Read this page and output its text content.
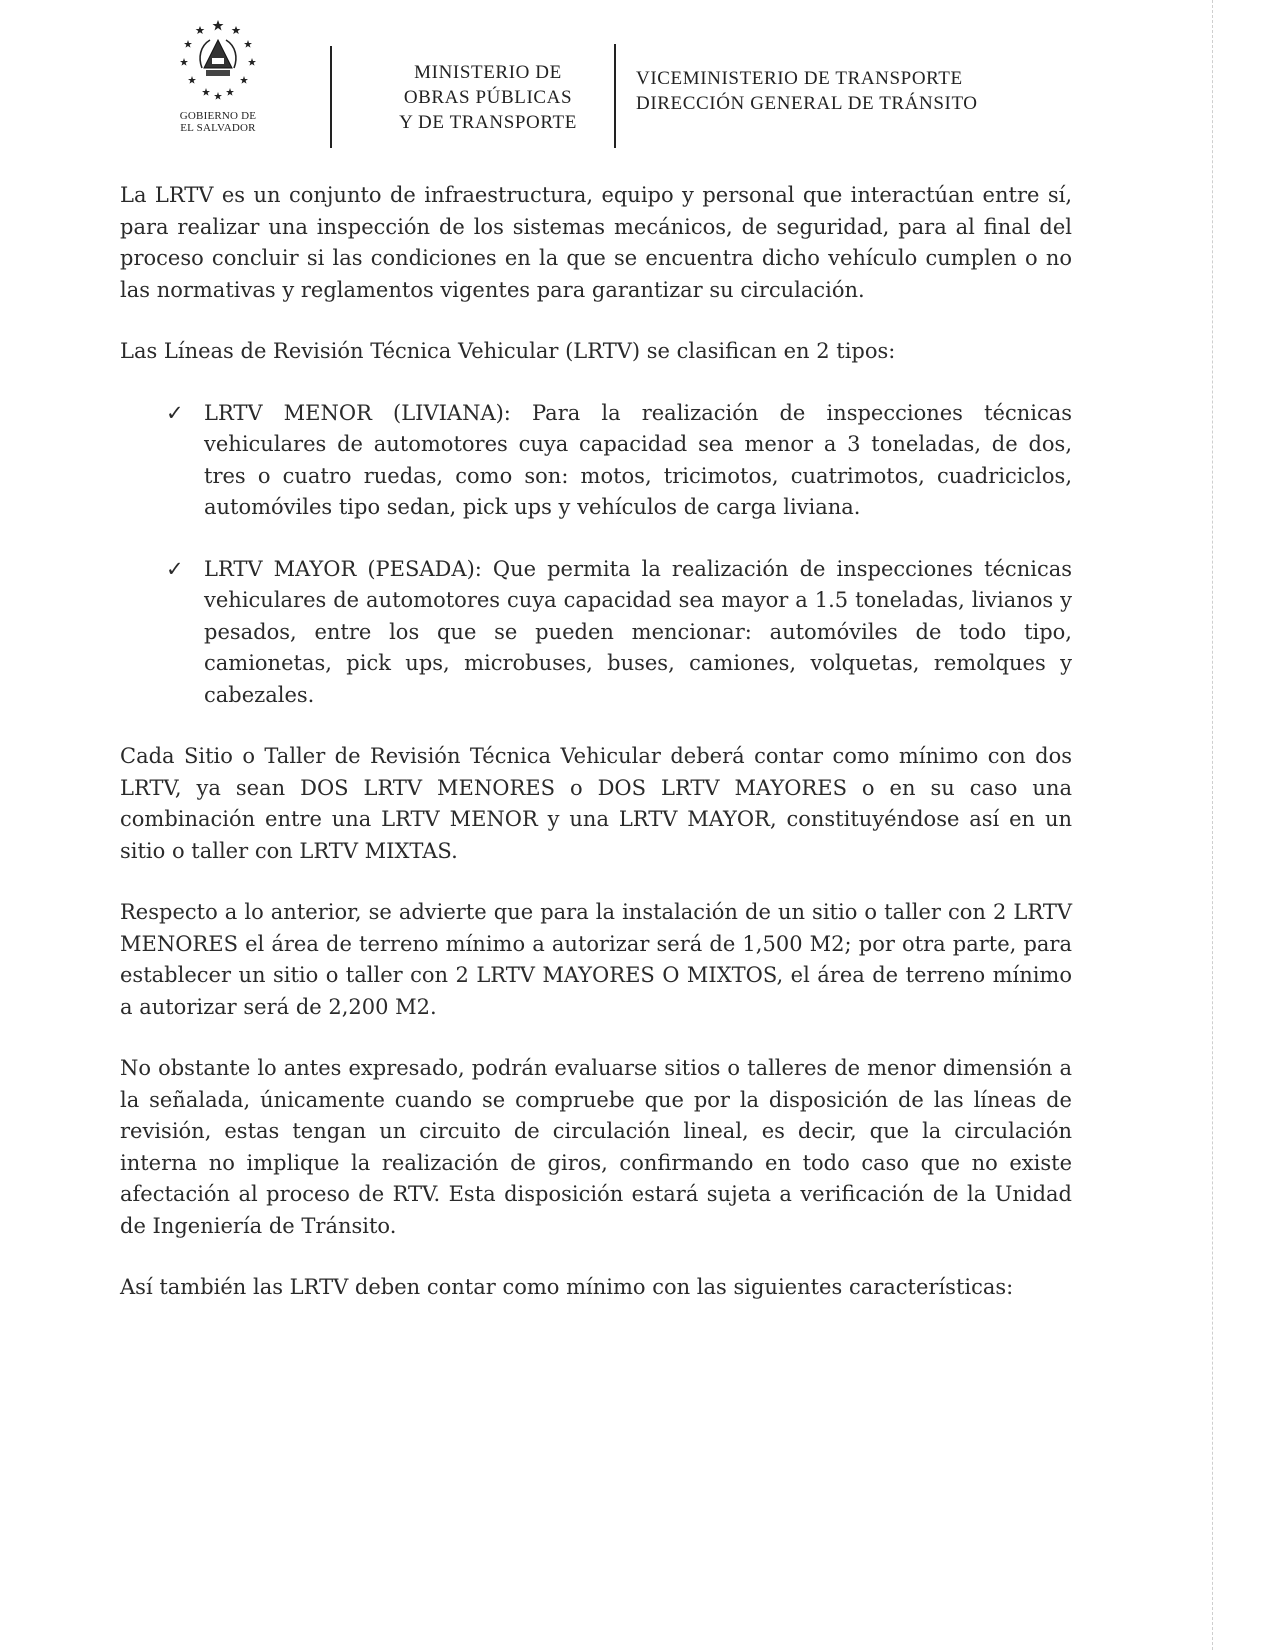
GOBIERNO DE
EL SALVADOR
MINISTERIO DE
OBRAS PÚBLICAS
Y DE TRANSPORTE
VICEMINISTERIO DE TRANSPORTE
DIRECCIÓN GENERAL DE TRÁNSITO

La LRTV es un conjunto de infraestructura, equipo y personal que interactúan entre sí, para realizar una inspección de los sistemas mecánicos, de seguridad, para al final del proceso concluir si las condiciones en la que se encuentra dicho vehículo cumplen o no las normativas y reglamentos vigentes para garantizar su circulación.

Las Líneas de Revisión Técnica Vehicular (LRTV) se clasifican en 2 tipos:

✓ LRTV MENOR (LIVIANA): Para la realización de inspecciones técnicas vehiculares de automotores cuya capacidad sea menor a 3 toneladas, de dos, tres o cuatro ruedas, como son: motos, tricimotos, cuatrimotos, cuadriciclos, automóviles tipo sedan, pick ups y vehículos de carga liviana.
✓ LRTV MAYOR (PESADA): Que permita la realización de inspecciones técnicas vehiculares de automotores cuya capacidad sea mayor a 1.5 toneladas, livianos y pesados, entre los que se pueden mencionar: automóviles de todo tipo, camionetas, pick ups, microbuses, buses, camiones, volquetas, remolques y cabezales.

Cada Sitio o Taller de Revisión Técnica Vehicular deberá contar como mínimo con dos LRTV, ya sean DOS LRTV MENORES o DOS LRTV MAYORES o en su caso una combinación entre una LRTV MENOR y una LRTV MAYOR, constituyéndose así en un sitio o taller con LRTV MIXTAS.

Respecto a lo anterior, se advierte que para la instalación de un sitio o taller con 2 LRTV MENORES el área de terreno mínimo a autorizar será de 1,500 M2; por otra parte, para establecer un sitio o taller con 2 LRTV MAYORES O MIXTOS, el área de terreno mínimo a autorizar será de 2,200 M2.

No obstante lo antes expresado, podrán evaluarse sitios o talleres de menor dimensión a la señalada, únicamente cuando se compruebe que por la disposición de las líneas de revisión, estas tengan un circuito de circulación lineal, es decir, que la circulación interna no implique la realización de giros, confirmando en todo caso que no existe afectación al proceso de RTV. Esta disposición estará sujeta a verificación de la Unidad de Ingeniería de Tránsito.

Así también las LRTV deben contar como mínimo con las siguientes características:
